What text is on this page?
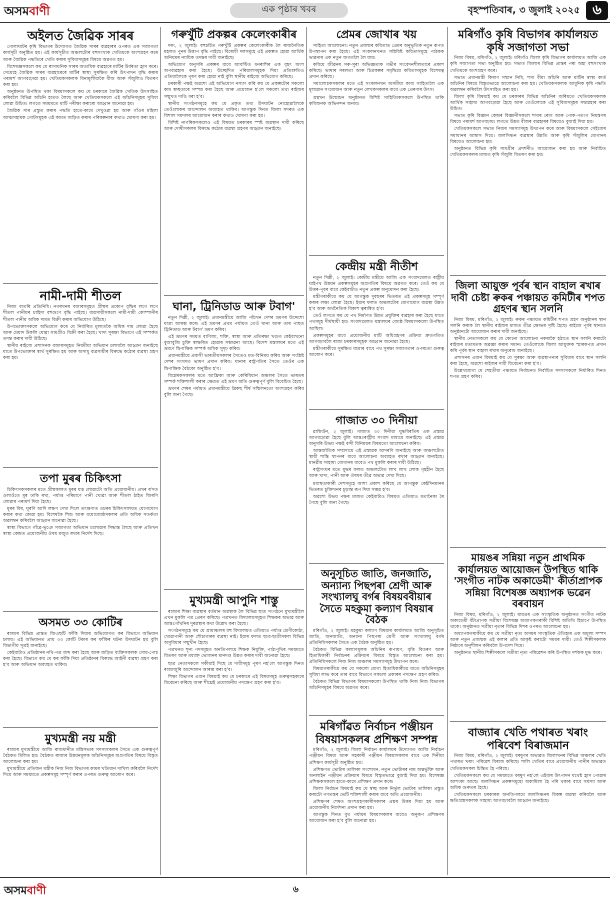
অসমবাণী	এক পৃষ্ঠাৰ খবৰ	বৃহস্পতিবাৰ, ৩ জুলাই ২০২৫ ৬
অইলত জৈৱিক সাৰৰ

গোলাঘাটৰ কৃষি বিভাগৰ উদ্যোগত জৈৱিক সাৰৰ ব্যৱহাৰৰ ওপৰত এক সজাগতা কাৰ্যসূচী অনুষ্ঠিত হয়। এই কাৰ্যসূচীত অঞ্চলটোৰ বহুসংখ্যক খেতিয়কে অংশগ্ৰহণ কৰে আৰু জৈৱিক পদ্ধতিৰে খেতি কৰাৰ সুবিধাসমূহৰ বিষয়ে অৱগত হয়।

বিশেষজ্ঞসকলে কয় যে ৰাসায়নিক সাৰৰ অত্যধিক ব্যৱহাৰে মাটিৰ উৰ্বৰতা হ্ৰাস কৰে। সেয়েহে জৈৱিক সাৰৰ ব্যৱহাৰেৰে মাটিৰ স্বাস্থ্য সুৰক্ষিত কৰি উৎপাদন বৃদ্ধি কৰাৰ পৰামৰ্শ আগবঢ়োৱা হয়। খেতিয়কসকলক বিনামূলীয়াকৈ বীজ আৰু সঁজুলিও বিতৰণ কৰা হয়।

অনুষ্ঠানত উপস্থিত থকা বিষয়াসকলে কয় যে চৰকাৰে জৈৱিক খেতিক উৎসাহিত কৰিবলৈ বিভিন্ন আঁচনি হাতত লৈছে আৰু খেতিয়কসকলে এই আঁচনিসমূহৰ সুবিধা লোৱা উচিত। লগতে সময়মতে মাটি পৰীক্ষা কৰাৰো আহ্বান জনোৱা হয়।

জৈৱিক সাৰ প্ৰস্তুত কৰাৰ পদ্ধতি হাতে-কামে দেখুওৱা হয় আৰু গাঁওৰ মহিলা আত্মসহায়ক গোটসমূহক এই কামত জড়িত কৰাৰ পৰিকল্পনাৰ কথাও ঘোষণা কৰা হয়।

নামী-দামী শীতল

নিজা বাতৰি প্ৰতিনিধি। নগৰখনৰ বজাৰসমূহত গ্ৰীষ্মৰ প্ৰকোপ বৃদ্ধিৰ লগে লগে শীতল পানীয়ৰ চাহিদা বহুগুণে বৃদ্ধি পাইছে। ব্যৱসায়ীসকলে নামী-দামী কোম্পানীৰ শীতল পানীয় অধিক দামত বিক্ৰী কৰাৰ অভিযোগ উঠিছে।

উপভোক্তাসকলে অভিযোগ কৰে যে নিৰ্ধাৰিত মূল্যতকৈ অধিক দাম লোৱা হৈছে আৰু মেয়াদ উকলি যোৱা সামগ্ৰীও বিক্ৰী কৰা হৈছে। খাদ্য সুৰক্ষা বিভাগে এই সম্পৰ্কত তদন্ত কৰাৰ দাবী উঠিছে।

স্থানীয় ৰাইজে প্ৰশাসনক বজাৰসমূহত নিয়মীয়া অভিযান চলাবলৈ আহ্বান জনাইছে যাতে উপভোক্তাৰ স্বাৰ্থ সুৰক্ষিত হয় আৰু অসাধু ব্যৱসায়ীৰ বিৰুদ্ধে কঠোৰ ব্যৱস্থা গ্ৰহণ কৰা হয়।

তপা মুৰৰ চিকিৎসা

চিকিৎসকসকলৰ মতে গ্ৰীষ্মকালত মূৰৰ যত্ন লোৱাটো অতি প্ৰয়োজনীয়। প্ৰখৰ ৰ'দত ওলাওঁতে মূৰ ঢাকি ৰখা, পৰ্যাপ্ত পৰিমাণে পানী খোৱা আৰু শীতল ঠাইত জিৰণি লোৱাৰ পৰামৰ্শ দিয়া হৈছে।

মূৰৰ বিষ, ঘূৰণি আদি লক্ষণ দেখা দিলে তৎক্ষণাত ওচৰৰ চিকিৎসালয়ত যোগাযোগ কৰাৰ কথা কোৱা হয়। বিশেষকৈ শিশু আৰু বয়োজ্যেষ্ঠসকলৰ প্ৰতি অধিক সতৰ্কতা অৱলম্বন কৰিবলৈ আহ্বান জনোৱা হৈছে।

স্বাস্থ্য বিভাগে গাঁৱে-ভূঞে সজাগতা অভিযান চলোৱাৰ সিদ্ধান্ত লৈছে আৰু প্ৰতিখন স্বাস্থ্য কেন্দ্ৰত প্ৰয়োজনীয় ঔষধ মজুত ৰখাৰ নিৰ্দেশ দিছে।

অসমত ৩৩ কোটিৰ

ৰাজ্যৰ বিভিন্ন প্ৰান্তত জিএছটি ফাঁকি দিয়াৰ অভিযোগত কৰ বিভাগে অভিযান চলায়। এই অভিযানত প্ৰায় ৩৩ কোটি টকাৰ কৰ ফাঁকিৰ ঘটনা উদঘাটন হয় বুলি বিভাগীয় সূত্ৰই জনাইছে।

কেইবাটাও প্ৰতিষ্ঠানৰ নথি-পত্ৰ জব্দ কৰা হৈছে আৰু জড়িত ব্যক্তিসকলক সোধ-পোচ কৰা হৈছে। বিভাগে কয় যে কৰ ফাঁকি দিয়া প্ৰতিষ্ঠানৰ বিৰুদ্ধে আইনী ব্যৱস্থা গ্ৰহণ কৰা হ'ব আৰু অভিযান অব্যাহত থাকিব।

মুখ্যমন্ত্ৰী নয় মন্ত্ৰী

ৰাজ্যৰ মুখ্যমন্ত্ৰীয়ে আজি ৰাজধানীত মন্ত্ৰিসভাৰ সদস্যসকলৰ সৈতে এক গুৰুত্বপূৰ্ণ বৈঠকত মিলিত হয়। বৈঠকত ৰাজ্যৰ উন্নয়নমূলক আঁচনিসমূহৰ অগ্ৰগতিৰ বিষয়ে বিস্তৃত আলোচনা কৰা হয়।

মুখ্যমন্ত্ৰীয়ে প্ৰতিজন মন্ত্ৰীক নিজ নিজ বিভাগৰ কামৰ খতিয়ান দাখিল কৰিবলৈ নিৰ্দেশ দিয়ে আৰু সময়মতে প্ৰকল্পসমূহ সম্পূৰ্ণ কৰাৰ ওপৰত গুৰুত্ব আৰোপ কৰে।

গৰুখুঁটি প্ৰকল্পৰ কেলেংকাৰীৰ

দৰং, ২ জুলাই। বহুচৰ্চিত গৰুখুঁটি প্ৰকল্পৰ কেলেংকাৰীক লৈ ৰাজনৈতিক মহলত পুনৰ উত্তাপ বৃদ্ধি পাইছে। বিৰোধী দলসমূহে এই প্ৰকল্পত হোৱা আৰ্থিক অনিয়মৰ ন্যায়িক তদন্তৰ দাবী জনাইছে।

অভিযোগ অনুসৰি প্ৰকল্পৰ বাবে আবণ্টিত ধনৰাশিৰ এক বৃহৎ অংশ অপব্যৱহাৰ কৰা হৈছে। উচ্ছেদিত পৰিয়ালসমূহক দিয়া প্ৰতিশ্ৰুতিও এতিয়ালৈকে পূৰণ কৰা হোৱা নাই বুলি স্থানীয় ৰাইজে অভিযোগ কৰিছে।

চৰকাৰী পক্ষই অৱশ্যে এই অভিযোগ নস্যাৎ কৰি কয় যে প্ৰকল্পটোৰ সকলো কাম স্বচ্ছতাৰে সম্পন্ন কৰা হৈছে আৰু প্ৰয়োজন হ'লে সকলো তথ্য ৰাইজৰ সন্মুখত দাঙি ধৰা হ'ব।

স্থানীয় সংগঠনসমূহে কয় যে প্ৰকৃত তথ্য উদঘাটন নোহোৱালৈকে তেওঁলোকৰ আন্দোলন অব্যাহত থাকিব। আগন্তুক দিনত জিলা সদৰত এক বিশাল সমদলৰ আয়োজন কৰাৰ কথাও ঘোষণা কৰা হয়।

বিশিষ্ট নাগৰিকসকলেও এই বিষয়ত চৰকাৰৰ স্পষ্ট অৱস্থান দাবী কৰিছে আৰু দোষীসকলৰ বিৰুদ্ধে কঠোৰ ব্যৱস্থা গ্ৰহণৰ আহ্বান জনাইছে।

ঘানা, ট্ৰিনিডাড আৰু টবাগ'

নতুন দিল্লী, ২ জুলাই। প্ৰধানমন্ত্ৰীয়ে আজি পাঁচখন দেশৰ ভ্ৰমণৰ উদ্দেশ্যে যাত্ৰা আৰম্ভ কৰে। এই ভ্ৰমণৰ প্ৰথম পৰ্যায়ত তেওঁ ঘানা আৰু তাৰ পাছত ট্ৰিনিডাড আৰু টবাগ' ভ্ৰমণ কৰিব।

এই ভ্ৰমণৰ সময়ত বাণিজ্য, শক্তি, স্বাস্থ্য আৰু প্ৰতিৰক্ষা খণ্ডত কেইবাখনো বুজাবুজি চুক্তি স্বাক্ষৰিত হোৱাৰ সম্ভাৱনা আছে। বিদেশ মন্ত্ৰালয়ৰ মতে এই ভ্ৰমণে দ্বিপাক্ষিক সম্পৰ্ক অধিক সুদৃঢ় কৰিব।

প্ৰধানমন্ত্ৰীয়ে প্ৰবাসী ভাৰতীয়সকলৰ সৈতেও মত-বিনিময় কৰিব আৰু সংশ্লিষ্ট দেশৰ সংসদত ভাষণ প্ৰদান কৰিব। ঘানাৰ ৰাষ্ট্ৰপতিৰ সৈতে তেওঁৰ এক দ্বিপাক্ষিক বৈঠকো অনুষ্ঠিত হ'ব।

বিশ্লেষকসকলৰ মতে আফ্ৰিকা আৰু কেৰিবিয়ান অঞ্চলৰ সৈতে ভাৰতৰ সম্পৰ্ক শক্তিশালী কৰাৰ ক্ষেত্ৰত এই ভ্ৰমণ অতি গুৰুত্বপূৰ্ণ বুলি বিবেচিত হৈছে।

ভ্ৰমণৰ শেষৰ পৰ্যায়ত প্ৰধানমন্ত্ৰীয়ে ব্ৰিকছ শীৰ্ষ সন্মিলনতো অংশগ্ৰহণ কৰিব বুলি জনা গৈছে।

মুখ্যমন্ত্ৰী আপুনি শাস্তু

ৰাজ্যৰ শিক্ষা ব্যৱস্থাৰ বৰ্তমান অৱস্থাক লৈ বিভিন্ন ছাত্ৰ সংগঠনে মুখ্যমন্ত্ৰীলৈ এখন মুকলি পত্ৰ প্ৰেৰণ কৰিছে। পত্ৰখনত বিদ্যালয়সমূহত শিক্ষকৰ অভাৱ আৰু আন্তঃগাঁথনিৰ দুৰৱস্থাৰ কথা উল্লেখ কৰা হৈছে।

সংগঠনসমূহে কয় যে গ্ৰামাঞ্চলৰ বহু বিদ্যালয়ত এতিয়াও পৰ্যাপ্ত শ্ৰেণীকোঠা, খোৱাপানী আৰু শৌচাগাৰৰ ব্যৱস্থা নাই। ইয়াৰ ফলত ছাত্ৰ-ছাত্ৰীসকল বিভিন্ন অসুবিধাৰ সন্মুখীন হৈছে।

পত্ৰখনত শূন্য পদসমূহত অনতিপলমে শিক্ষক নিযুক্তি, পাঠ্যপুথিৰ সময়মতে বিতৰণ আৰু মধ্যাহ্ন ভোজনৰ মানদণ্ড উন্নত কৰাৰ দাবী জনোৱা হৈছে।

ছাত্ৰ নেতাসকলে সকীয়াই দিছে যে দাবীসমূহ পূৰণ নহ'লে আগন্তুক দিনত ৰাজ্যজুৰি আন্দোলন আৰম্ভ কৰা হ'ব।

শিক্ষা বিভাগৰ এজন বিষয়াই কয় যে চৰকাৰে এই বিষয়সমূহ গুৰুত্বসহকাৰে বিবেচনা কৰিছে আৰু শীঘ্ৰেই প্ৰয়োজনীয় পদক্ষেপ গ্ৰহণ কৰা হ'ব।

প্ৰেমৰ জোখাৰ খয়

সাহিত্য আলোচনা। নতুন প্ৰজন্মৰ কবিতাত প্ৰেমৰ অনুভূতিক নতুন ৰূপত উপস্থাপন কৰা হৈছে। এই সংকলনখনত সন্নিবিষ্ট কবিতাসমূহে পাঠকক ভাৱনাৰ এক নতুন জগতলৈ লৈ যায়।

কবিয়ে জীৱনৰ সৰু-সুৰা অভিজ্ঞতাক গভীৰ সংবেদনশীলতাৰে প্ৰকাশ কৰিছে। ভাষাৰ সৰলতা আৰু চিত্ৰকল্পৰ সমৃদ্ধিয়ে কবিতাসমূহক বিশেষত্ব প্ৰদান কৰিছে।

সমালোচকসকলৰ মতে এই সংকলনখন অসমীয়া কাব্য সাহিত্যলৈ এক মূল্যৱান সংযোজন আৰু নতুন লেখকসকলৰ বাবে এক প্ৰেৰণাৰ উৎস।

গ্ৰন্থখন উন্মোচন অনুষ্ঠানত বিশিষ্ট সাহিত্যিকসকলে উপস্থিত থাকি কবিজনক অভিনন্দন জনায়।

কেন্দ্ৰীয় মন্ত্ৰী নীতীশ

নতুন দিল্লী, ২ জুলাই। কেন্দ্ৰীয় মন্ত্ৰীয়ে আজি এক সংবাদমেলত ৰাষ্ট্ৰীয় ঘাইপথ উন্নয়ন প্ৰকল্পসমূহৰ অগ্ৰগতিৰ বিষয়ে অৱগত কৰে। তেওঁ কয় যে উত্তৰ-পূবৰ বাবে কেইবাটাও নতুন প্ৰকল্প অনুমোদন কৰা হৈছে।

মন্ত্ৰীগৰাকীয়ে কয় যে আগন্তুক দুবছৰৰ ভিতৰত এই প্ৰকল্পসমূহ সম্পূৰ্ণ কৰাৰ লক্ষ্য লোৱা হৈছে। ইয়াৰ ফলত অঞ্চলটোৰ যোগাযোগ ব্যৱস্থা উন্নত হ'ব আৰু অৰ্থনৈতিক বিকাশ ত্বৰান্বিত হ'ব।

তেওঁ লগতে কয় যে পথ নিৰ্মাণত উন্নত প্ৰযুক্তিৰ ব্যৱহাৰ কৰা হৈছে যাতে পথসমূহ দীৰ্ঘস্থায়ী হয়। সংবাদমেলত মন্ত্ৰালয়ৰ জ্যেষ্ঠ বিষয়াসকলো উপস্থিত আছিল।

প্ৰকল্পসমূহৰ বাবে প্ৰয়োজনীয় মাটি অধিগ্ৰহণৰ প্ৰক্ৰিয়া দ্ৰুতগতিত আগবঢ়াবলৈ ৰাজ্য চৰকাৰসমূহক আহ্বান জনোৱা হৈছে।

মন্ত্ৰীগৰাকীয়ে সুৰক্ষিত যাত্ৰাৰ বাবে পথ সুৰক্ষা সজাগতাৰ ওপৰতো গুৰুত্ব আৰোপ কৰে।

গাজাত ৩০ দিনীয়া

ৱাশ্বিংটন, ২ জুলাই। গাজাত ৩০ দিনীয়া যুদ্ধবিৰতিৰ এক প্ৰস্তাৱ আগবঢ়োৱা হৈছে বুলি আন্তঃৰাষ্ট্ৰীয় সংবাদ মাধ্যমে জনাইছে। এই প্ৰস্তাৱ অনুসৰি উভয় পক্ষই বন্দী বিনিময়ৰ বিষয়তো আলোচনা কৰিব।

আন্তৰ্জাতিক সম্প্ৰদায়ে এই প্ৰস্তাৱক আদৰণি জনাইছে আৰু অঞ্চলটোত স্থায়ী শান্তি স্থাপনৰ বাবে আলোচনা অব্যাহত ৰখাৰ আহ্বান জনাইছে। মানৱীয় সাহায্য যোগানৰ বাবেও পথ মুকলি কৰাৰ দাবী উঠিছে।

ৰাষ্ট্ৰসংঘৰ মতে যুদ্ধৰ ফলত অঞ্চলটোত লাখ লাখ লোক গৃহহীন হৈছে আৰু খাদ্য, পানী আৰু ঔষধৰ তীব্ৰ অভাৱ দেখা দিছে।

মধ্যস্থতাকাৰী দেশসমূহে আশা প্ৰকাশ কৰিছে যে আগন্তুক কেইদিনমানৰ ভিতৰত চুক্তিখনৰ চূড়ান্ত ৰূপ দিয়া সম্ভৱ হ'ব।

অৱশ্যে উভয় পক্ষৰ মাজত কেইবাটাও বিষয়ত এতিয়াও মতানৈক্য ৰৈ গৈছে বুলি জনা গৈছে।

অনুসূচিত জাতি, জনজাতি, অন্যান্য পিছপৰা শ্ৰেণী আৰু সংখ্যালঘু বৰ্গৰ বিষয়ববীয়াৰ সৈতে মহকুমা কল্যাণ বিষয়াৰ বৈঠক

মৰিগাঁও, ২ জুলাই। মহকুমা কল্যাণ বিষয়াৰ কাৰ্যালয়ত আজি অনুসূচিত জাতি, জনজাতি, অন্যান্য পিছপৰা শ্ৰেণী আৰু সংখ্যালঘু বৰ্গৰ প্ৰতিনিধিসকলৰ সৈতে এক বৈঠক অনুষ্ঠিত হয়।

বৈঠকত বিভিন্ন কল্যাণমূলক আঁচনিৰ ৰূপায়ণ, বৃত্তি বিতৰণ আৰু হিতাধিকাৰী নিৰ্বাচনৰ প্ৰক্ৰিয়াৰ বিষয়ে বিস্তৃত আলোচনা কৰা হয়। প্ৰতিনিধিসকলে নিজ নিজ অঞ্চলৰ সমস্যাসমূহ উত্থাপন কৰে।

বিষয়াগৰাকীয়ে কয় যে সকলো যোগ্য হিতাধিকাৰীয়ে যাতে আঁচনিসমূহৰ সুবিধা লাভ কৰে তাৰ বাবে বিভাগে সকলো প্ৰকাৰৰ পদক্ষেপ গ্ৰহণ কৰিব।

বৈঠকত বিভিন্ন বিভাগৰ বিষয়াসকলো উপস্থিত থাকি নিজ নিজ বিভাগৰ আঁচনিসমূহৰ বিষয়ে অৱগত কৰে।

মৰিগাঁৱত নিৰ্বাচন পঞ্জীয়ন বিষয়াসকলৰ প্ৰশিক্ষণ সম্পন্ন

মৰিগাঁও, ২ জুলাই। জিলা নিৰ্বাচন কাৰ্যালয়ৰ উদ্যোগত আজি নিৰ্বাচন পঞ্জীয়ন বিষয়া আৰু সহকাৰী পঞ্জীয়ন বিষয়াসকলৰ বাবে এক দিনীয়া প্ৰশিক্ষণ কাৰ্যসূচী অনুষ্ঠিত হয়।

প্ৰশিক্ষণত ভোটাৰ তালিকা সংশোধন, নতুন ভোটাৰৰ নাম অন্তৰ্ভুক্তি আৰু অনলাইন পঞ্জীয়ন প্ৰক্ৰিয়াৰ বিষয়ে বিস্তৃতভাৱে বুজাই দিয়া হয়। বিশেষজ্ঞ প্ৰশিক্ষকসকলে হাতে-কামে প্ৰশিক্ষণ প্ৰদান কৰে।

জিলা নিৰ্বাচন বিষয়াই কয় যে স্বচ্ছ আৰু নিৰ্ভুল ভোটাৰ তালিকা প্ৰস্তুত কৰাটো গণতন্ত্ৰৰ ভেটি শক্তিশালী কৰাৰ বাবে অতি প্ৰয়োজনীয়।

প্ৰশিক্ষণৰ শেষত অংশগ্ৰহণকাৰীসকলৰ প্ৰশ্নৰ উত্তৰ দিয়া হয় আৰু প্ৰয়োজনীয় নিৰ্দেশনা প্ৰদান কৰা হয়।

আগন্তুক দিনত বুথ পৰ্যায়ৰ বিষয়াসকলৰ বাবেও অনুৰূপ প্ৰশিক্ষণৰ আয়োজন কৰা হ'ব বুলি জনোৱা হয়।

মৰিগাঁও কৃষি বিভাগৰ কাৰ্যালয়ত কৃষি সজাগতা সভা

নিজা বিষয়, মৰিগাঁও, ২ জুলাই। মৰিগাঁও জিলা কৃষি বিভাগৰ কাৰ্যালয়ত আজি এক কৃষি সজাগতা সভা অনুষ্ঠিত হয়। সভাত জিলাৰ বিভিন্ন প্ৰান্তৰ পৰা অহা বহুসংখ্যক খেতিয়কে অংশগ্ৰহণ কৰে।

সভাত প্ৰধানমন্ত্ৰী কিষাণ সন্মান নিধি, শস্য বীমা আঁচনি আৰু মাটিৰ স্বাস্থ্য কাৰ্ড আঁচনিৰ বিষয়ে বিস্তৃতভাৱে আলোচনা কৰা হয়। খেতিয়কসকলক আধুনিক কৃষি পদ্ধতি অৱলম্বন কৰিবলৈ উৎসাহিত কৰা হয়।

জিলা কৃষি বিষয়াই কয় যে চৰকাৰৰ বিভিন্ন আঁচনিৰ জৰিয়তে খেতিয়কসকলক আৰ্থিক সাহায্য আগবঢ়োৱা হৈছে আৰু তেওঁলোকে এই সুবিধাসমূহৰ সদ্ব্যৱহাৰ কৰা উচিত।

সভাত কৃষি বিজ্ঞান কেন্দ্ৰৰ বিজ্ঞানীসকলে শস্যৰ ৰোগ আৰু পোক-পতংগ নিয়ন্ত্ৰণৰ বিষয়ে পৰামৰ্শ আগবঢ়ায়। লগতে উন্নত বীজৰ ব্যৱহাৰৰ বিষয়েও বুজাই দিয়া হয়।

খেতিয়কসকলে সভাত নিজৰ সমস্যাসমূহ উত্থাপন কৰে আৰু বিষয়াসকলে সেইবোৰ সমাধানৰ আশ্বাস দিয়ে। জলসিঞ্চন ব্যৱস্থাৰ উন্নতি আৰু কৃষি সঁজুলিৰ যোগানৰ বিষয়েও আলোচনা হয়।

অনুষ্ঠানত বিভিন্ন কৃষি সামগ্ৰীৰ প্ৰদৰ্শনীও আয়োজন কৰা হয় আৰু নিৰ্বাচিত খেতিয়কসকলৰ মাজত কৃষি সঁজুলি বিতৰণ কৰা হয়।

জিলা আয়ুক্ত পূৰ্বৰ স্থান বাহাল ৰখাৰ দাবী চেষ্টা ৰুকৰ পঞ্চায়ত কমিটীৰ শপত গ্ৰহণৰ স্থান সলনি

নিজা বিষয়, মৰিগাঁও, ২ জুলাই। ৰুকৰ পঞ্চায়ত কমিটীৰ শপত গ্ৰহণ অনুষ্ঠানৰ স্থান সলনি কৰাক লৈ স্থানীয় ৰাইজৰ মাজত তীব্ৰ ক্ষোভৰ সৃষ্টি হৈছে। ৰাইজে পূৰ্বৰ স্থানতে অনুষ্ঠানটো আয়োজন কৰাৰ দাবী জনাইছে।

স্থানীয় নেতাসকলে কয় যে কোনো আলোচনা নকৰাকৈ হঠাতে স্থান সলনি কৰাটো ৰাইজৰ মতামতক অৱজ্ঞা কৰাৰ সমান। তেওঁলোকে জিলা আয়ুক্তক স্মাৰকপত্ৰ প্ৰদান কৰি পূৰ্বৰ স্থান বাহাল ৰখাৰ অনুৰোধ জনাইছে।

প্ৰশাসনৰ এজন বিষয়াই কয় যে সুৰক্ষা আৰু ব্যৱস্থাপনাৰ সুবিধাৰ বাবে স্থান সলনি কৰা হৈছে, অৱশ্যে ৰাইজৰ দাবী বিবেচনা কৰা হ'ব।

উল্লেখযোগ্য যে শেহতীয়া পঞ্চায়ত নিৰ্বাচনত নিৰ্বাচিত সদস্যসকলে নিৰ্ধাৰিত দিনত শপত গ্ৰহণ কৰিব।

মায়ঙৰ সন্নিয়া নতুন প্ৰাথমিক কাৰ্যালয়ত আয়োজন উপস্থিত থাকি 'সংগীত নাটক অকাডেমী' কীৰ্তাপ্ৰাপক সন্নিয়া বিশেষজ্ঞ অধ্যাপক ভৱেন বৰবায়ন

নিজা বিষয়, মৰিগাঁও, ২ জুলাই। মায়ঙৰ এক সাংস্কৃতিক অনুষ্ঠানত সংগীত নাটক অকাডেমী বঁটাপ্ৰাপক সত্ৰীয়া বিশেষজ্ঞ অধ্যাপকগৰাকী বিশিষ্ট অতিথি হিচাপে উপস্থিত থাকে। অনুষ্ঠানত সত্ৰীয়া নৃত্যৰ বিভিন্ন দিশৰ ওপৰত আলোচনা হয়।

অধ্যাপকগৰাকীয়ে কয় যে সত্ৰীয়া নৃত্য অসমৰ সাংস্কৃতিক ঐতিহ্যৰ এক অমূল্য সম্পদ আৰু নতুন প্ৰজন্মক এই কলাৰ প্ৰতি আকৃষ্ট কৰাটো সময়ৰ দাবী। তেওঁ শিল্পীসকলক নিষ্ঠাৰে অনুশীলন কৰিবলৈ উপদেশ দিয়ে।

অনুষ্ঠানত স্থানীয় শিল্পীসকলে সত্ৰীয়া নৃত্য পৰিৱেশন কৰি উপস্থিত দৰ্শকক মুগ্ধ কৰে।

বাজ্যাৰ খেতি পথাৰত খৰাং পৰিবেশ বিৰাজমান

নিজা বিষয়, মৰিগাঁও, ২ জুলাই। বৰষুণৰ অভাৱত জিলাখনৰ বিভিন্ন অঞ্চলৰ খেতি পথাৰত খৰাং পৰিৱেশ বিৰাজ কৰিছে। শালি খেতিৰ বাবে প্ৰয়োজনীয় পানীৰ অভাৱত খেতিয়কসকল চিন্তিত হৈ পৰিছে।

খেতিয়কসকলে কয় যে সময়মতে বৰষুণ নহ'লে এইবাৰ উৎপাদন যথেষ্ট হ্ৰাস পোৱাৰ আশংকা আছে। জলসিঞ্চন প্ৰকল্পসমূহো অকামিলা হৈ পৰি থকাৰ বাবে সমস্যা আৰু অধিক গুৰুতৰ হৈছে।

খেতিয়কসকলে চৰকাৰক অনতিপলমে জলসিঞ্চনৰ বিকল্প ব্যৱস্থা কৰিবলৈ আৰু ক্ষতিগ্ৰস্তসকলক সাহায্য আগবঢ়াবলৈ আহ্বান জনাইছে।

অসমবাণী	৬
